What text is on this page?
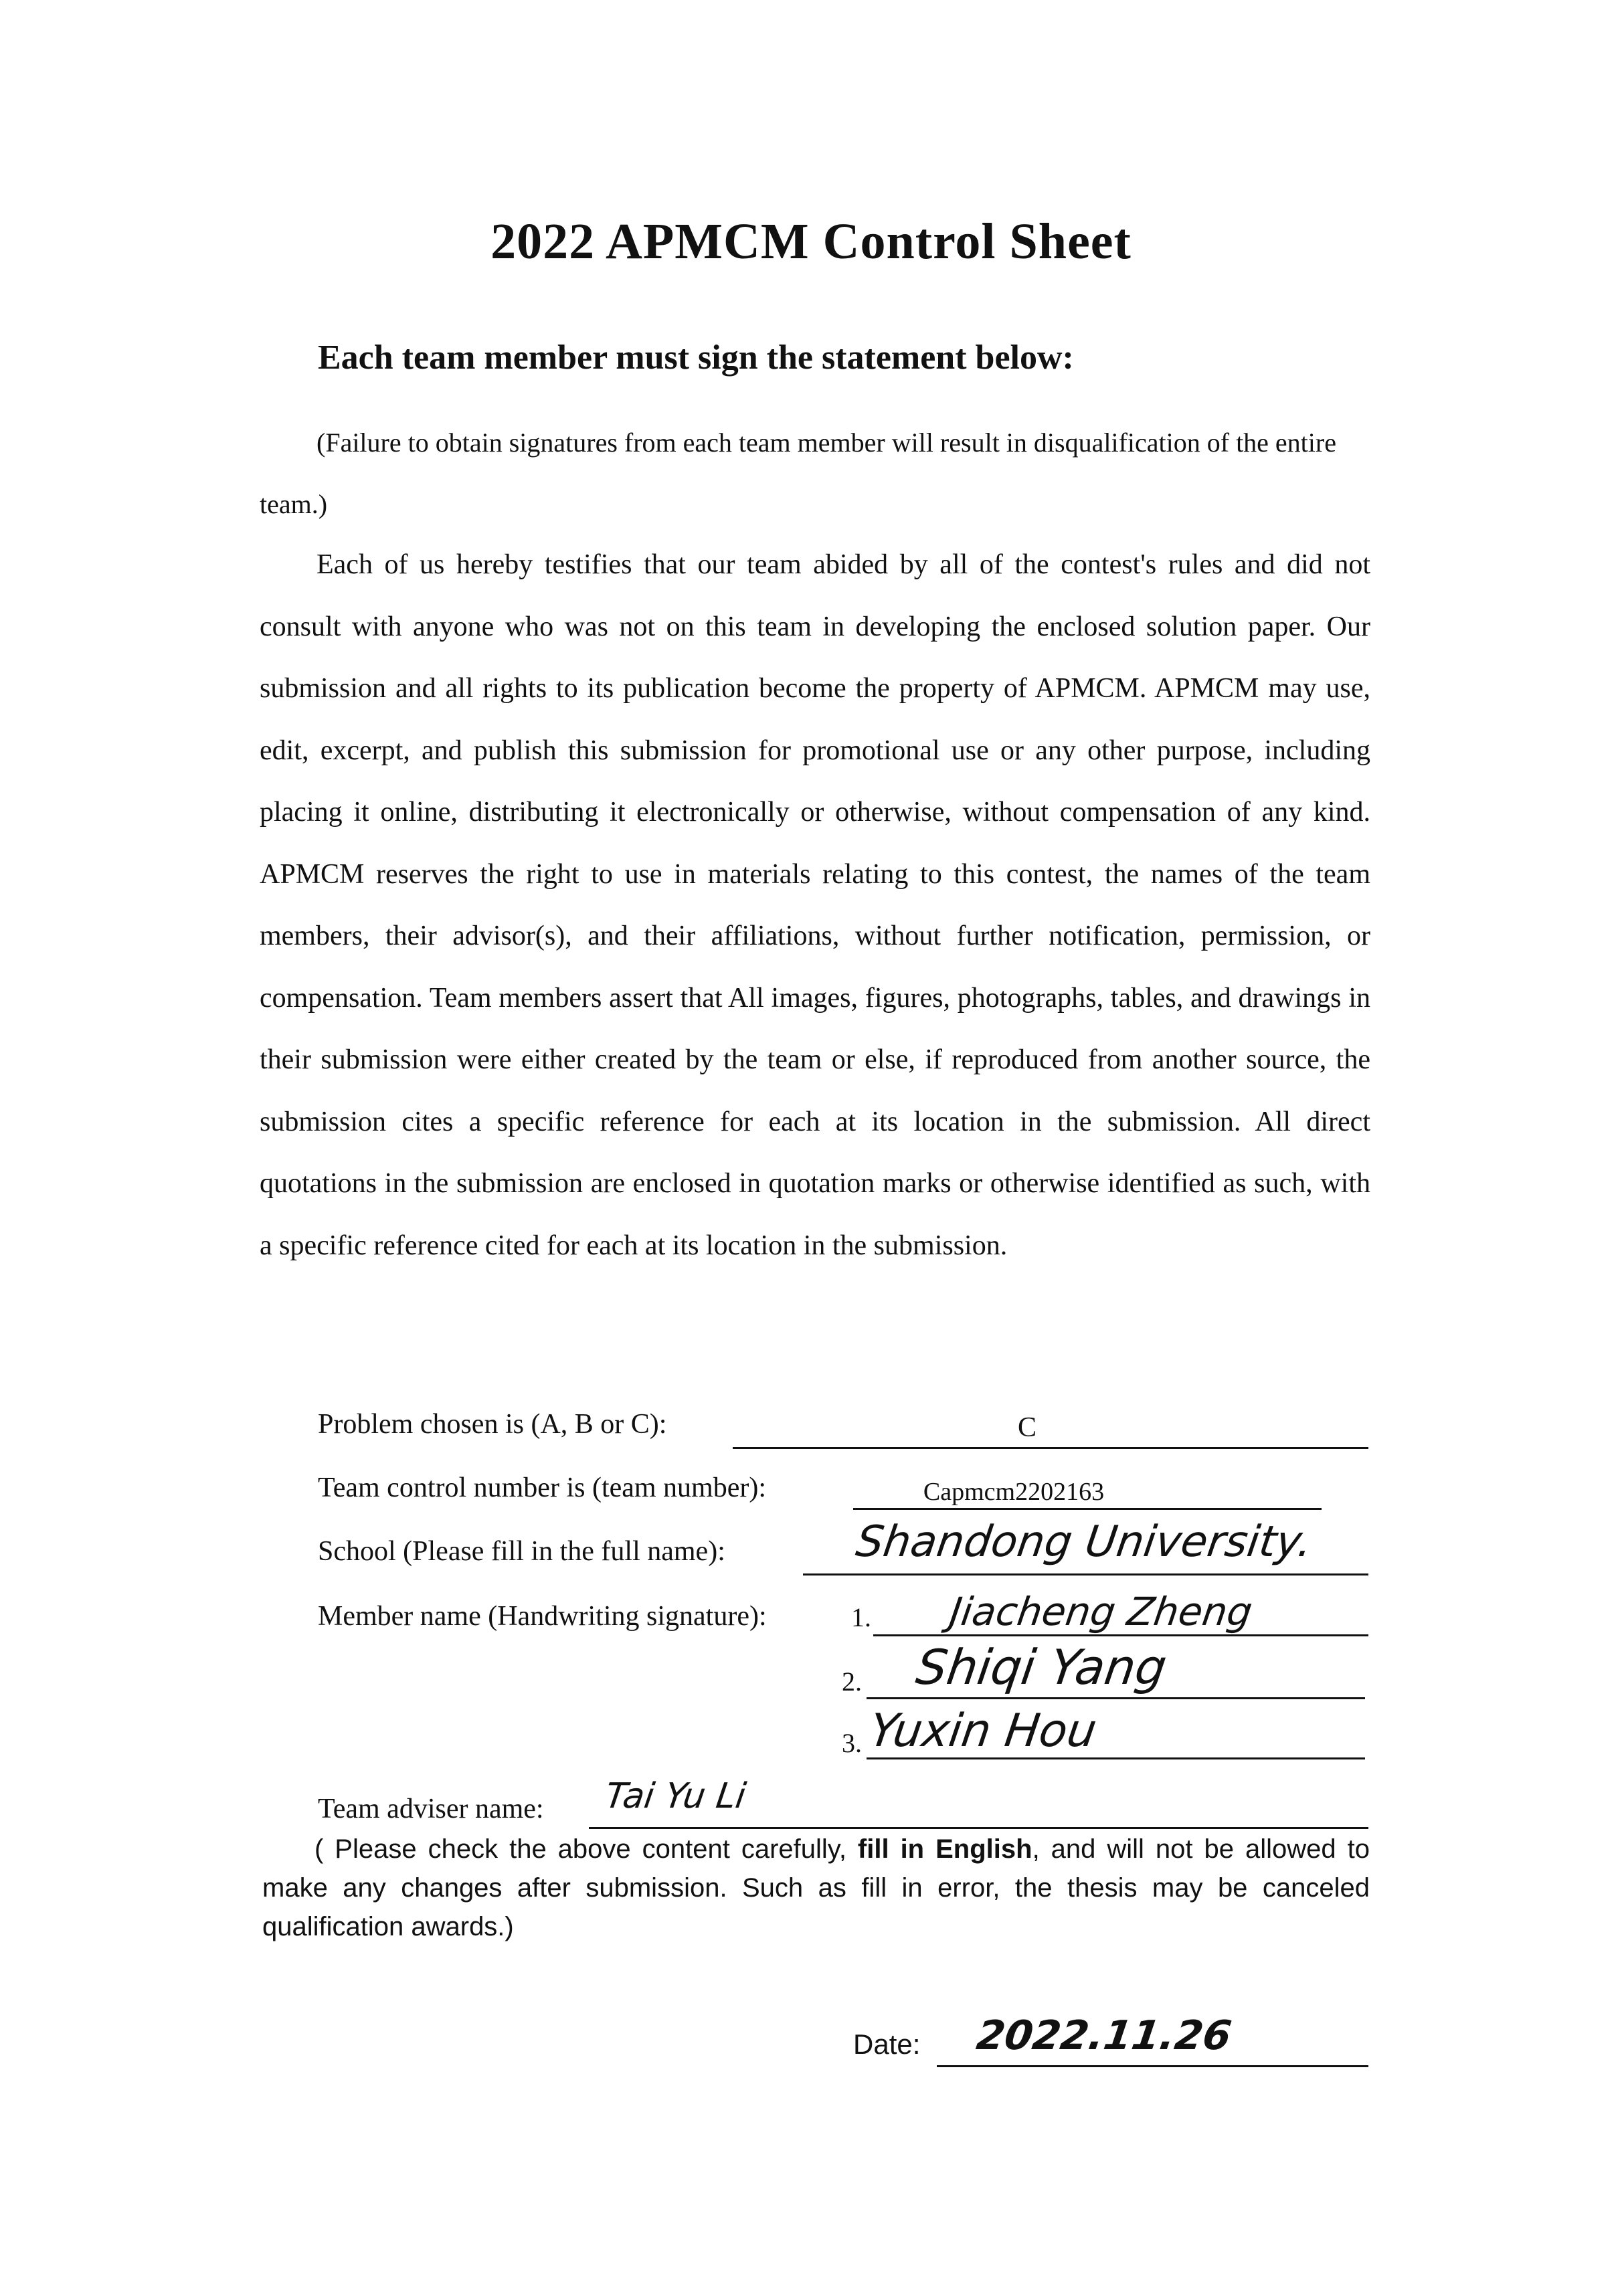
2022 APMCM Control Sheet
Each team member must sign the statement below:

(Failure to obtain signatures from each team member will result in disqualification of the entire team.)

Each of us hereby testifies that our team abided by all of the contest's rules and did not consult with anyone who was not on this team in developing the enclosed solution paper. Our submission and all rights to its publication become the property of APMCM. APMCM may use, edit, excerpt, and publish this submission for promotional use or any other purpose, including placing it online, distributing it electronically or otherwise, without compensation of any kind. APMCM reserves the right to use in materials relating to this contest, the names of the team members, their advisor(s), and their affiliations, without further notification, permission, or compensation. Team members assert that All images, figures, photographs, tables, and drawings in their submission were either created by the team or else, if reproduced from another source, the submission cites a specific reference for each at its location in the submission. All direct quotations in the submission are enclosed in quotation marks or otherwise identified as such, with a specific reference cited for each at its location in the submission.

Problem chosen is (A, B or C):	C
Team control number is (team number):	Capmcm2202163
School (Please fill in the full name):	Shandong University.
Member name (Handwriting signature):	1. Jiacheng Zheng
2. Shiqi Yang
3. Yuxin Hou
Team adviser name: Tai Yu Li

( Please check the above content carefully, fill in English, and will not be allowed to make any changes after submission. Such as fill in error, the thesis may be canceled qualification awards.)

Date: 2022.11.26
